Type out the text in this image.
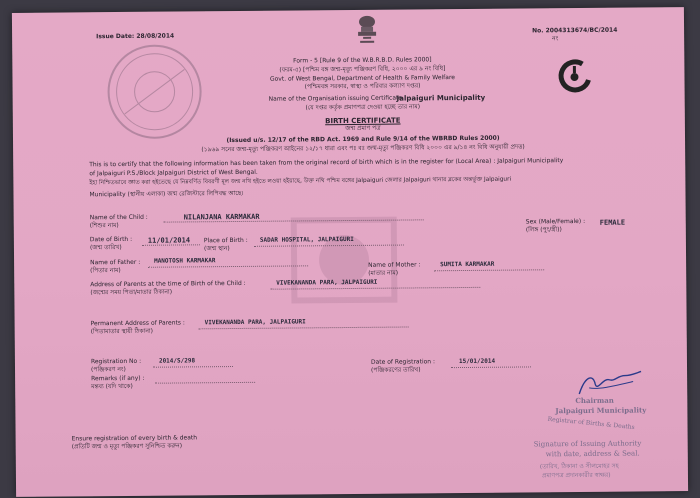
Issue Date: 28/08/2014
No. 2004313674/BC/2014
নং
Form - 5 [Rule 9 of the W.B.R.B.D. Rules 2000]
(ফরম-৫) [পশ্চিম বঙ্গ জন্ম-মৃত্যু পঞ্জিকরণ বিধি, ২০০০ এর ৯ নং বিধি]
Govt. of West Bengal, Department of Health & Family Welfare
(পশ্চিমবঙ্গ সরকার, স্বাস্থ্য ও পরিবার কল্যাণ দপ্তর)
Name of the Organisation issuing Certificate :
Jalpaiguri Municipality
(যে দপ্তর কর্তৃক প্রমাণপত্র দেওয়া হচ্ছে তার নাম)
BIRTH CERTIFICATE
জন্ম প্রমাণ পত্র
(Issued u/s. 12/17 of the RBD Act. 1969 and Rule 9/14 of the WBRBD Rules 2000)
(১৯৬৯ সনের জন্ম-মৃত্যু পঞ্জিকরণ আইনের ১২/১৭ ধারা এবং পঃ বঃ জন্ম-মৃত্যু পঞ্জিকরণ বিধি ২০০০ এর ৯/১৪ নং বিধি অনুযায়ী প্রদত্ত)
This is to certify that the following information has been taken from the original record of birth which is in the register for (Local Area) : Jalpaiguri Municipality
of Jalpaiguri P.S./Block Jalpaiguri District of West Bengal.
ইহা নিশ্চিতভাবে জ্ঞাত করা হইতেছে যে নিম্নবর্ণিত বিবরণী মূল জন্ম নথি হইতে লওয়া হইয়াছে, উক্ত নথি পশ্চিম বঙ্গের Jalpaiguri জেলার Jalpaiguri থানার ব্লকের অন্তর্ভুক্ত Jalpaiguri
Municipality (স্থানীয় এলাকা) জন্ম রেজিস্টারে লিপিবদ্ধ আছে।
Name of the Child :
(শিশুর নাম)
NILANJANA KARMAKAR
Sex (Male/Female) :
(লিঙ্গ (পুং/স্ত্রী))
FEMALE
Date of Birth :
(জন্ম তারিখ)
11/01/2014 Place of Birth :
(জন্ম স্থান)
SADAR HOSPITAL, JALPAIGURI
Name of Father :
(পিতার নাম)
MANOTOSH KARMAKAR
Name of Mother :
(মাতার নাম)
SUMITA KARMAKAR
Address of Parents at the time of Birth of the Child :
(জন্মের সময় পিতা/মাতার ঠিকানা)
VIVEKANANDA PARA, JALPAIGURI
Permanent Address of Parents :
(পিতামাতার স্থায়ী ঠিকানা)
VIVEKANANDA PARA, JALPAIGURI
Registration No :
(পঞ্জিকরণ নং)
2014/S/298	Date of Registration :
(পঞ্জিকরণের তারিখ)
15/01/2014
Remarks (if any) :
মন্তব্য (যদি থাকে)
Ensure registration of every birth & death
(প্রতিটি জন্ম ও মৃত্যু পঞ্জিকরণ সুনিশ্চিত করুন)
Chairman
Jalpaiguri Municipality
Registrar of Births & Deaths
Signature of Issuing Authority
with date, address & Seal.
(তারিখ, ঠিকানা ও সীলমোহর সহ
প্রমাণপত্র প্রদানকারীর স্বাক্ষর)
